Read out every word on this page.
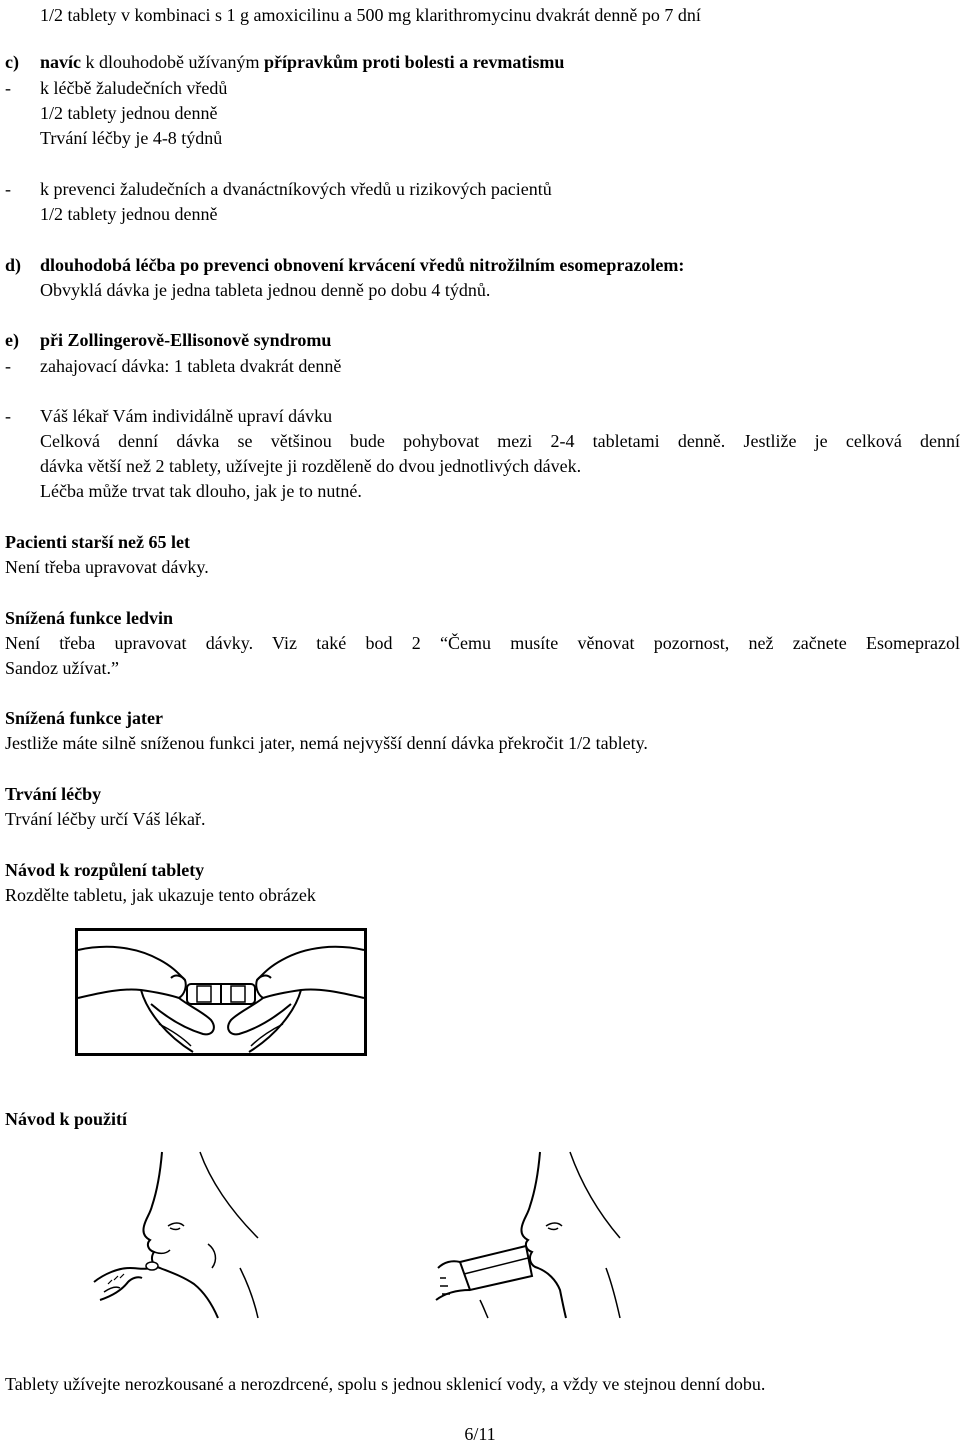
1/2 tablety v kombinaci s 1 g amoxicilinu a 500 mg klarithromycinu dvakrát denně po 7 dní
c) navíc k dlouhodobě užívaným přípravkům proti bolesti a revmatismu
- k léčbě žaludečních vředů
1/2 tablety jednou denně
Trvání léčby je 4-8 týdnů
- k prevenci žaludečních a dvanáctníkových vředů u rizikových pacientů
1/2 tablety jednou denně
d) dlouhodobá léčba po prevenci obnovení krvácení vředů nitrožilním esomeprazolem:
Obvyklá dávka je jedna tableta jednou denně po dobu 4 týdnů.
e) při Zollingerově-Ellisonově syndromu
- zahajovací dávka: 1 tableta dvakrát denně
- Váš lékař Vám individálně upraví dávku
Celková denní dávka se většinou bude pohybovat mezi 2-4 tabletami denně. Jestliže je celková denní
dávka větší než 2 tablety, užívejte ji rozděleně do dvou jednotlivých dávek.
Léčba může trvat tak dlouho, jak je to nutné.
Pacienti starší než 65 let
Není třeba upravovat dávky.
Snížená funkce ledvin
Není třeba upravovat dávky. Viz také bod 2 “Čemu musíte věnovat pozornost, než začnete Esomeprazol
Sandoz užívat.”
Snížená funkce jater
Jestliže máte silně sníženou funkci jater, nemá nejvyšší denní dávka překročit 1/2 tablety.
Trvání léčby
Trvání léčby určí Váš lékař.
Návod k rozpůlení tablety
Rozdělte tabletu, jak ukazuje tento obrázek
Návod k použití
Tablety užívejte nerozkousané a nerozdrcené, spolu s jednou sklenicí vody, a vždy ve stejnou denní dobu.
6/11
